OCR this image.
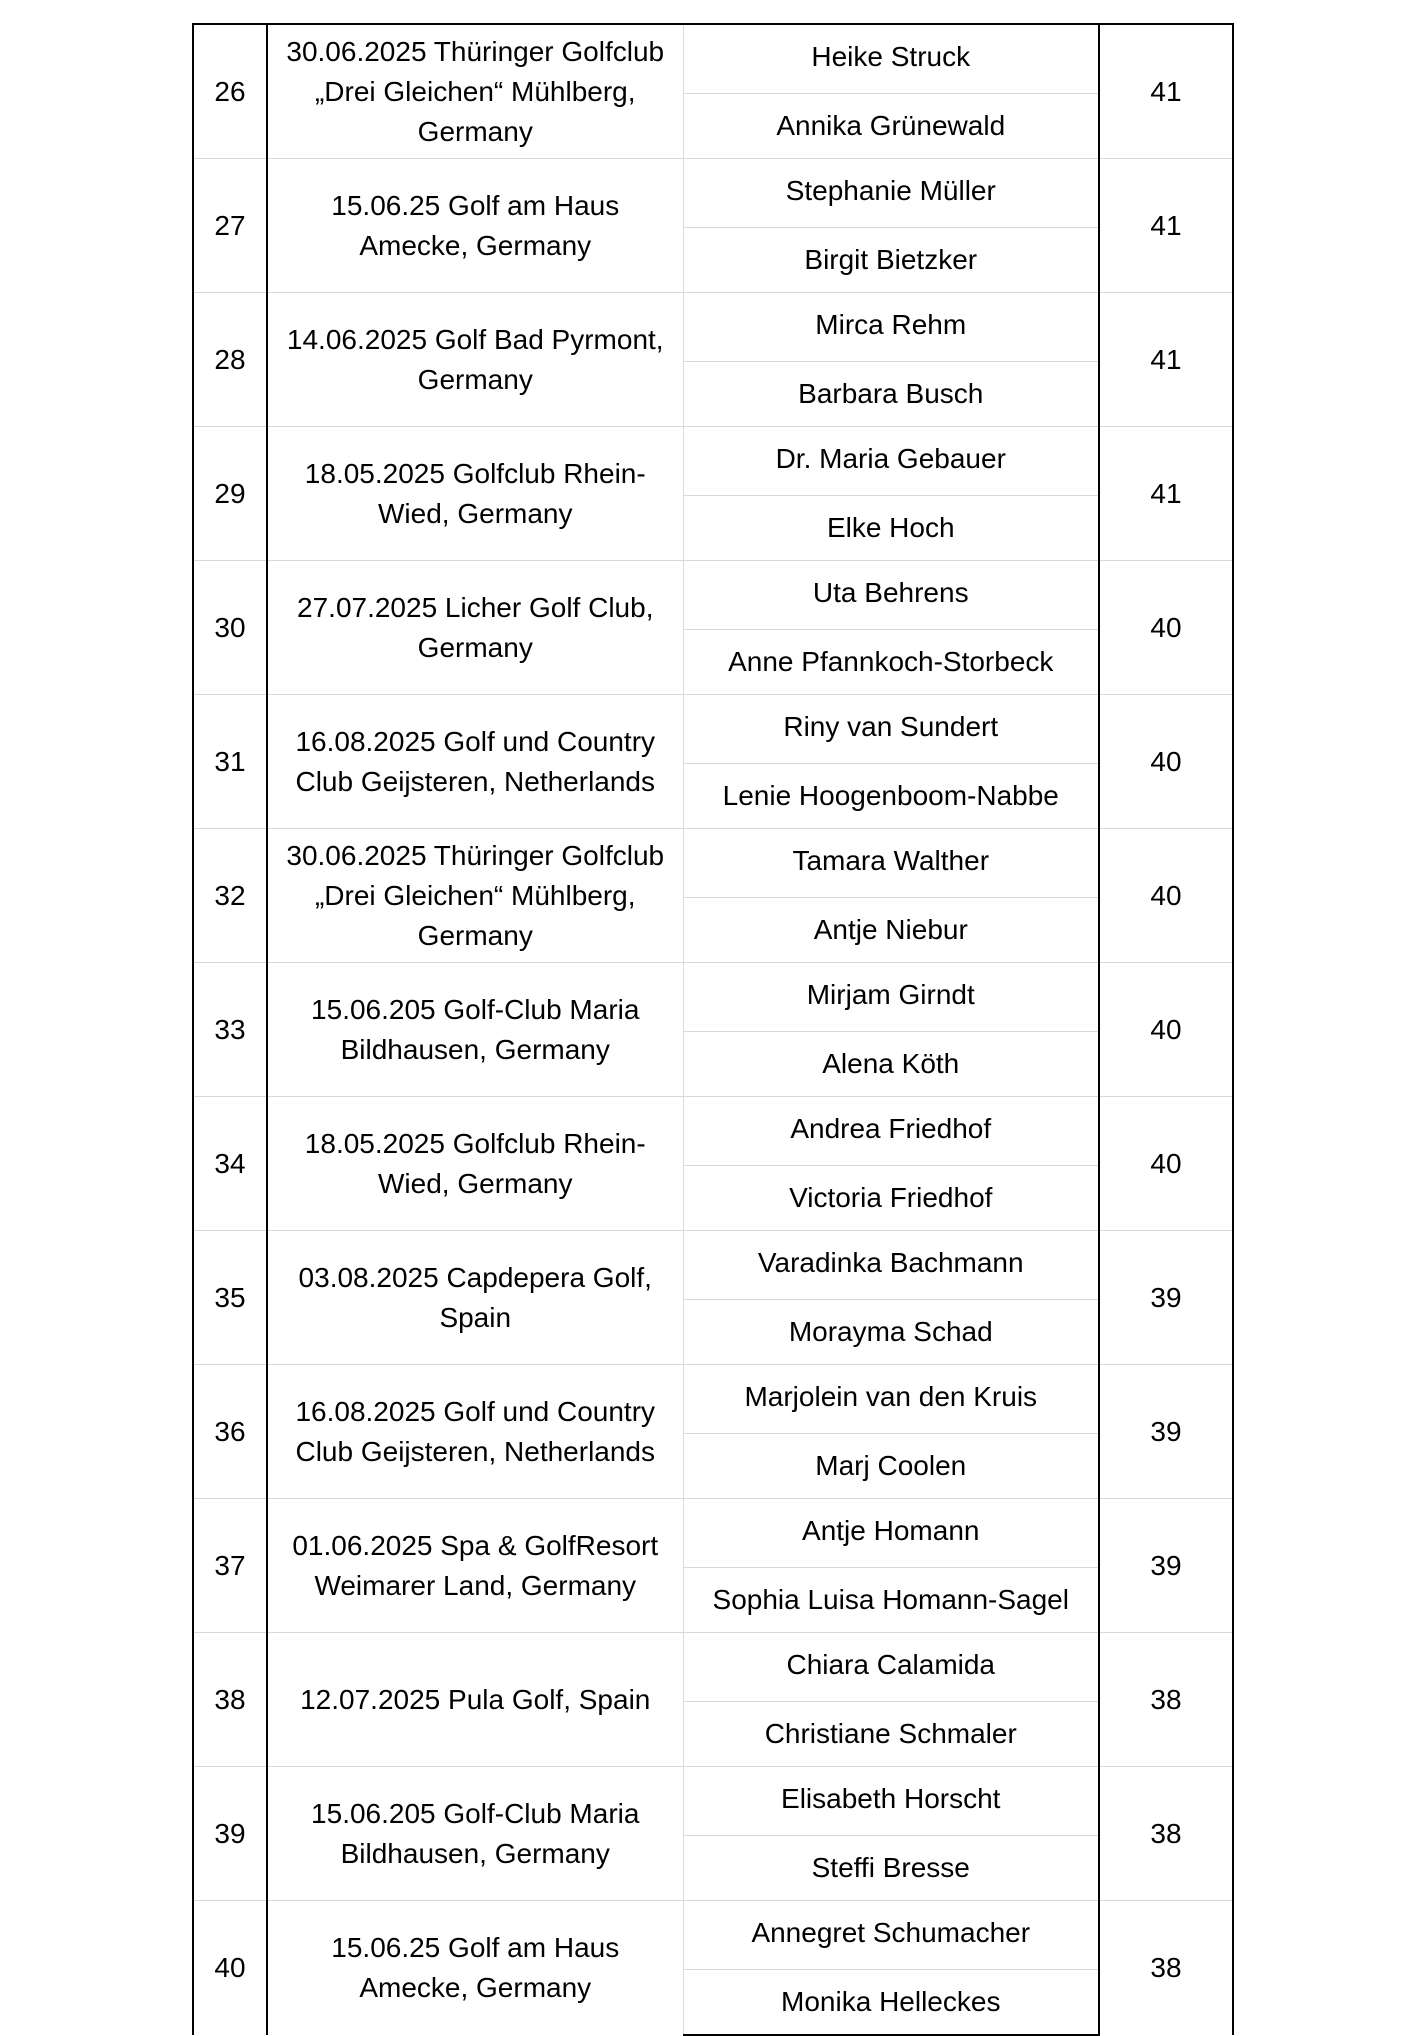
26	30.06.2025 Thüringer Golfclub „Drei Gleichen“ Mühlberg, Germany	Heike Struck	41
		Annika Grünewald	
27	15.06.25 Golf am Haus Amecke, Germany	Stephanie Müller	41
		Birgit Bietzker	
28	14.06.2025 Golf Bad Pyrmont, Germany	Mirca Rehm	41
		Barbara Busch	
29	18.05.2025 Golfclub Rhein-Wied, Germany	Dr. Maria Gebauer	41
		Elke Hoch	
30	27.07.2025 Licher Golf Club, Germany	Uta Behrens	40
		Anne Pfannkoch-Storbeck	
31	16.08.2025 Golf und Country Club Geijsteren, Netherlands	Riny van Sundert	40
		Lenie Hoogenboom-Nabbe	
32	30.06.2025 Thüringer Golfclub „Drei Gleichen“ Mühlberg, Germany	Tamara Walther	40
		Antje Niebur	
33	15.06.205 Golf-Club Maria Bildhausen, Germany	Mirjam Girndt	40
		Alena Köth	
34	18.05.2025 Golfclub Rhein-Wied, Germany	Andrea Friedhof	40
		Victoria Friedhof	
35	03.08.2025 Capdepera Golf, Spain	Varadinka Bachmann	39
		Morayma Schad	
36	16.08.2025 Golf und Country Club Geijsteren, Netherlands	Marjolein van den Kruis	39
		Marj Coolen	
37	01.06.2025 Spa & GolfResort Weimarer Land, Germany	Antje Homann	39
		Sophia Luisa Homann-Sagel	
38	12.07.2025 Pula Golf, Spain	Chiara Calamida	38
		Christiane Schmaler	
39	15.06.205 Golf-Club Maria Bildhausen, Germany	Elisabeth Horscht	38
		Steffi Bresse	
40	15.06.25 Golf am Haus Amecke, Germany	Annegret Schumacher	38
		Monika Helleckes	
